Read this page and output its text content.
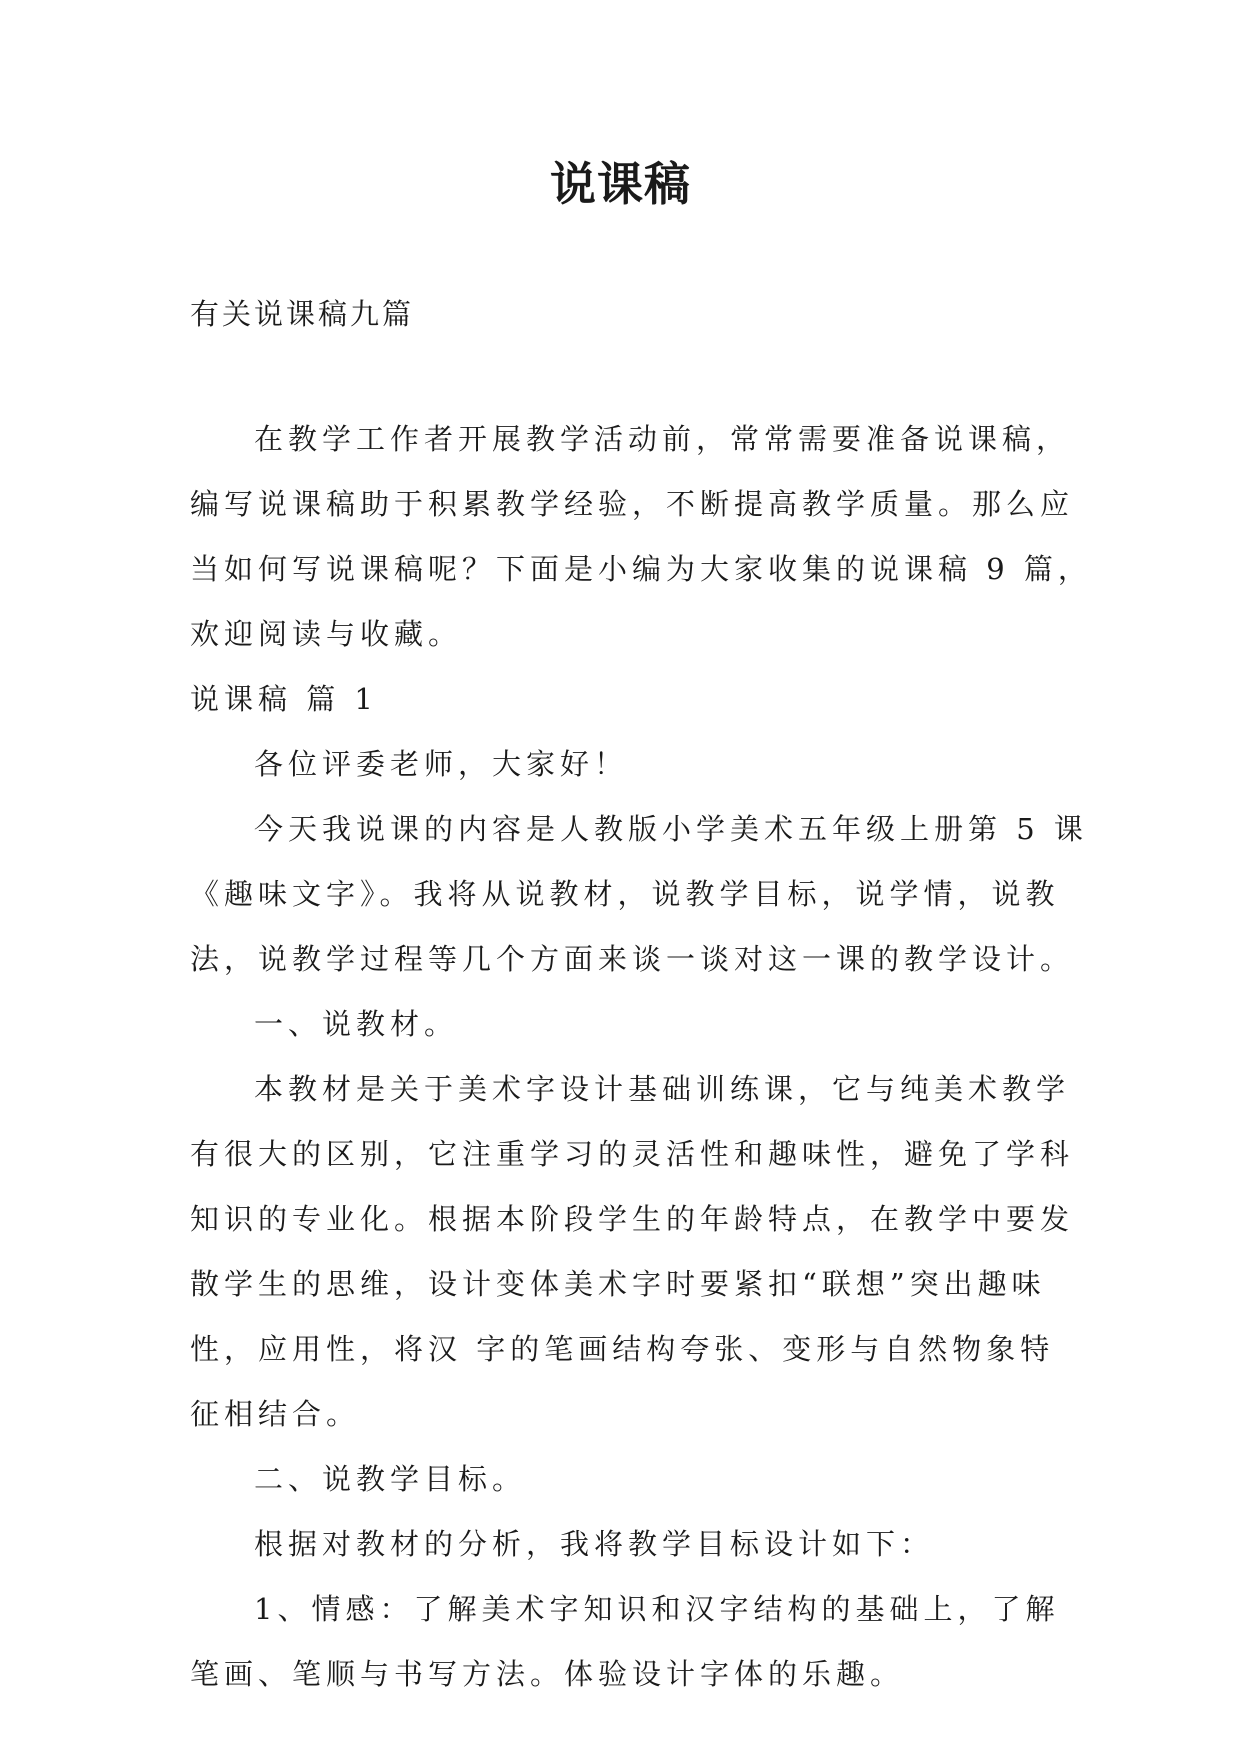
说课稿
有关说课稿九篇

在教学工作者开展教学活动前，常常需要准备说课稿，

编写说课稿助于积累教学经验，不断提高教学质量。那么应

当如何写说课稿呢？下面是小编为大家收集的说课稿 9 篇，

欢迎阅读与收藏。

说课稿 篇 1

各位评委老师，大家好！

今天我说课的内容是人教版小学美术五年级上册第 5 课

《趣味文字》。我将从说教材，说教学目标，说学情，说教

法，说教学过程等几个方面来谈一谈对这一课的教学设计。

一、说教材。

本教材是关于美术字设计基础训练课，它与纯美术教学

有很大的区别，它注重学习的灵活性和趣味性，避免了学科

知识的专业化。根据本阶段学生的年龄特点，在教学中要发

散学生的思维，设计变体美术字时要紧扣“联想”突出趣味

性，应用性，将汉 字的笔画结构夸张、变形与自然物象特

征相结合。

二、说教学目标。

根据对教材的分析，我将教学目标设计如下：

1、情感：了解美术字知识和汉字结构的基础上，了解

笔画、笔顺与书写方法。体验设计字体的乐趣。
